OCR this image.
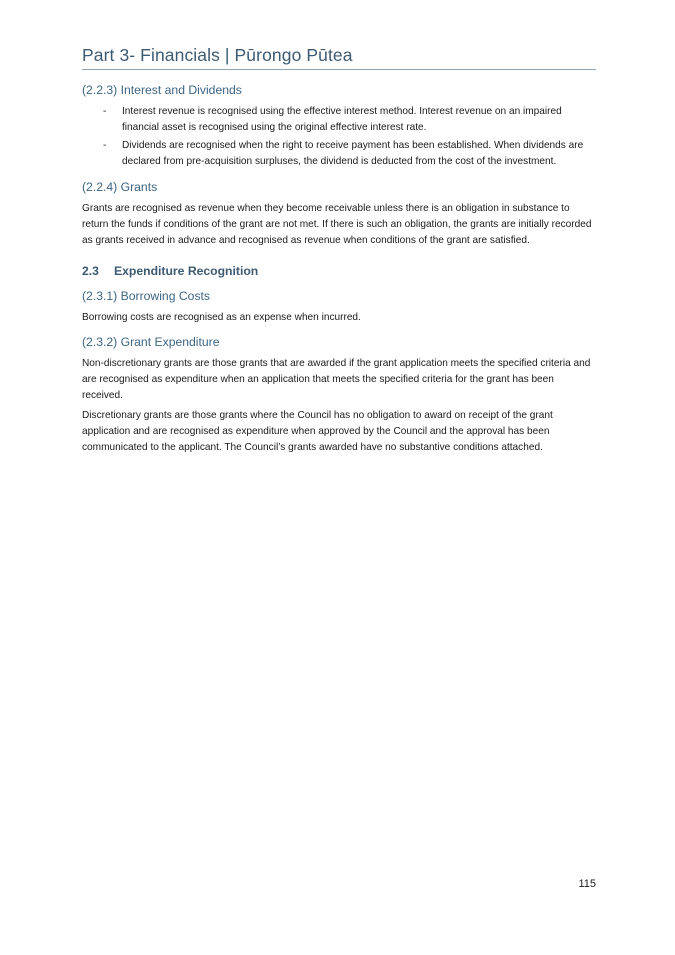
Part 3- Financials | Pūrongo Pūtea
(2.2.3) Interest and Dividends
- Interest revenue is recognised using the effective interest method. Interest revenue on an impaired financial asset is recognised using the original effective interest rate.
- Dividends are recognised when the right to receive payment has been established. When dividends are declared from pre-acquisition surpluses, the dividend is deducted from the cost of the investment.
(2.2.4) Grants

Grants are recognised as revenue when they become receivable unless there is an obligation in substance to return the funds if conditions of the grant are not met. If there is such an obligation, the grants are initially recorded as grants received in advance and recognised as revenue when conditions of the grant are satisfied.

2.3 Expenditure Recognition
(2.3.1) Borrowing Costs

Borrowing costs are recognised as an expense when incurred.

(2.3.2) Grant Expenditure

Non-discretionary grants are those grants that are awarded if the grant application meets the specified criteria and are recognised as expenditure when an application that meets the specified criteria for the grant has been received.

Discretionary grants are those grants where the Council has no obligation to award on receipt of the grant application and are recognised as expenditure when approved by the Council and the approval has been communicated to the applicant. The Council’s grants awarded have no substantive conditions attached.

115
